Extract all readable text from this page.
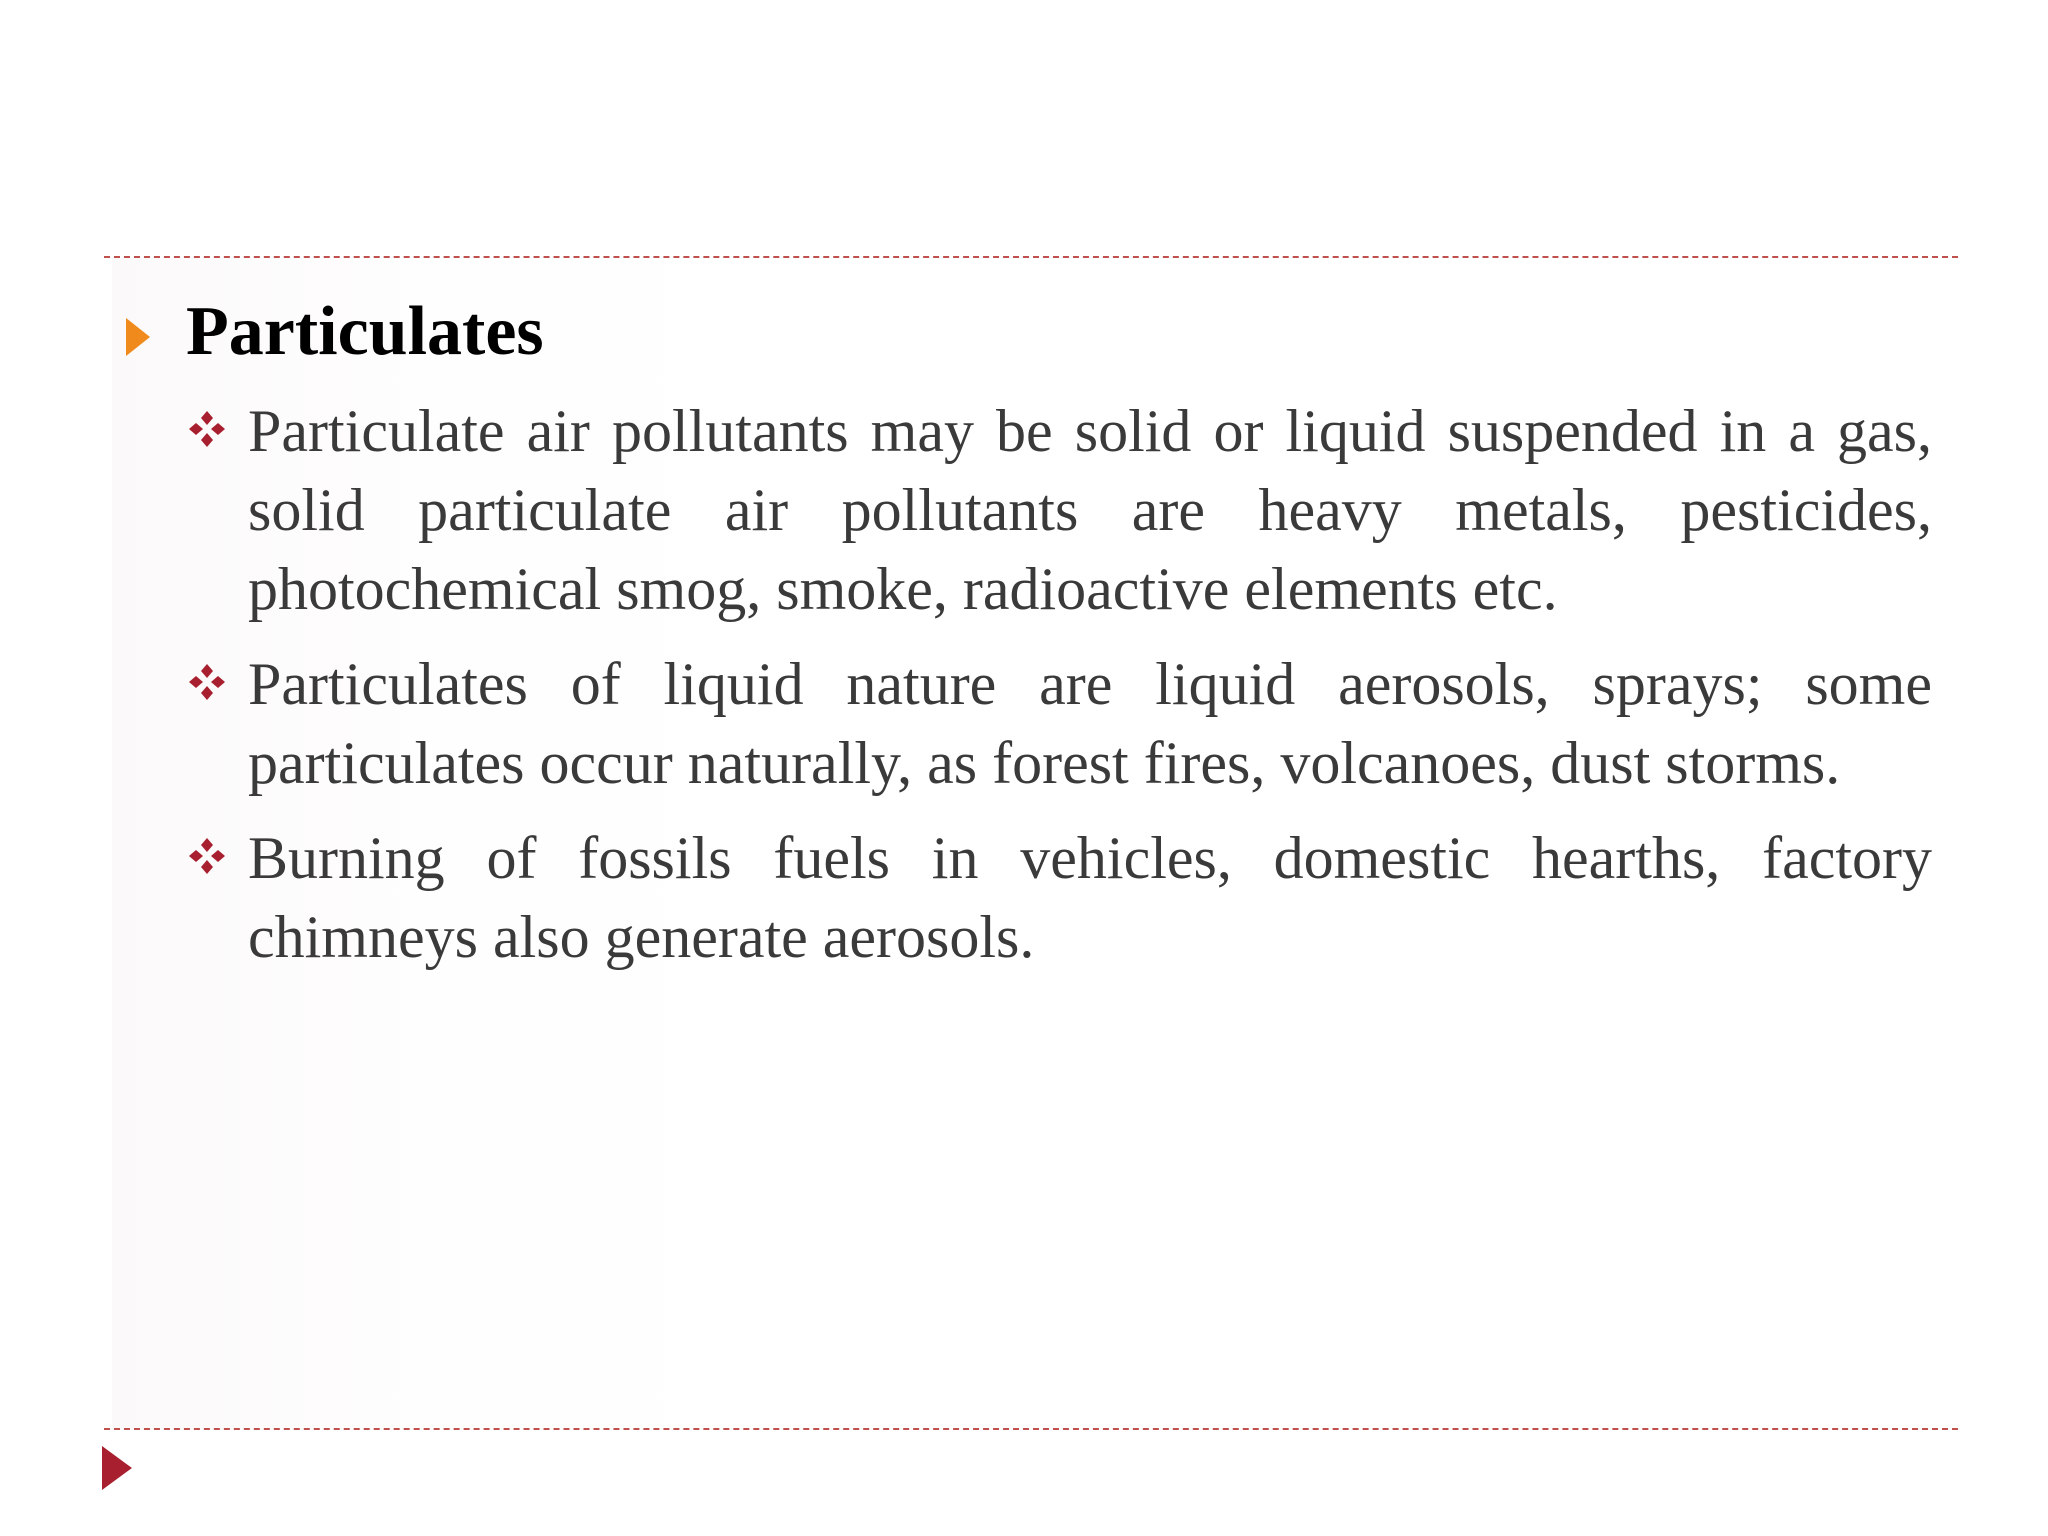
Particulates
Particulate air pollutants may be solid or liquid suspended in a gas, solid particulate air pollutants are heavy metals, pesticides, photochemical smog, smoke, radioactive elements etc.
Particulates of liquid nature are liquid aerosols, sprays; some particulates occur naturally, as forest fires, volcanoes, dust storms.
Burning of fossils fuels in vehicles, domestic hearths, factory chimneys also generate aerosols.
